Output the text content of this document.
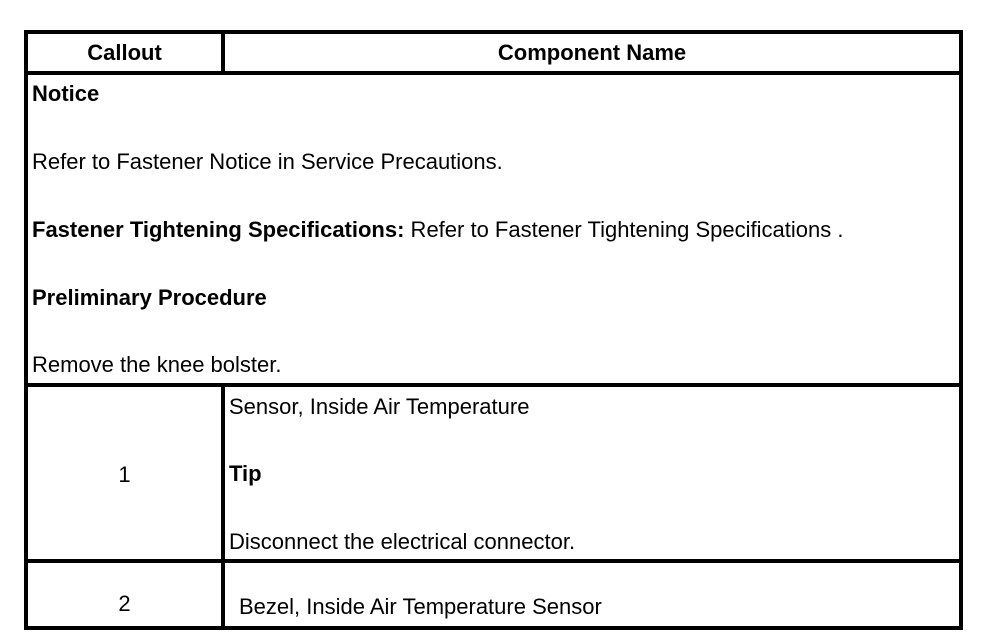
Callout	Component Name
Notice
Refer to Fastener Notice in Service Precautions.
Fastener Tightening Specifications: Refer to Fastener Tightening Specifications .
Preliminary Procedure
Remove the knee bolster.
1
Sensor, Inside Air Temperature
Tip
Disconnect the electrical connector.
2	Bezel, Inside Air Temperature Sensor
